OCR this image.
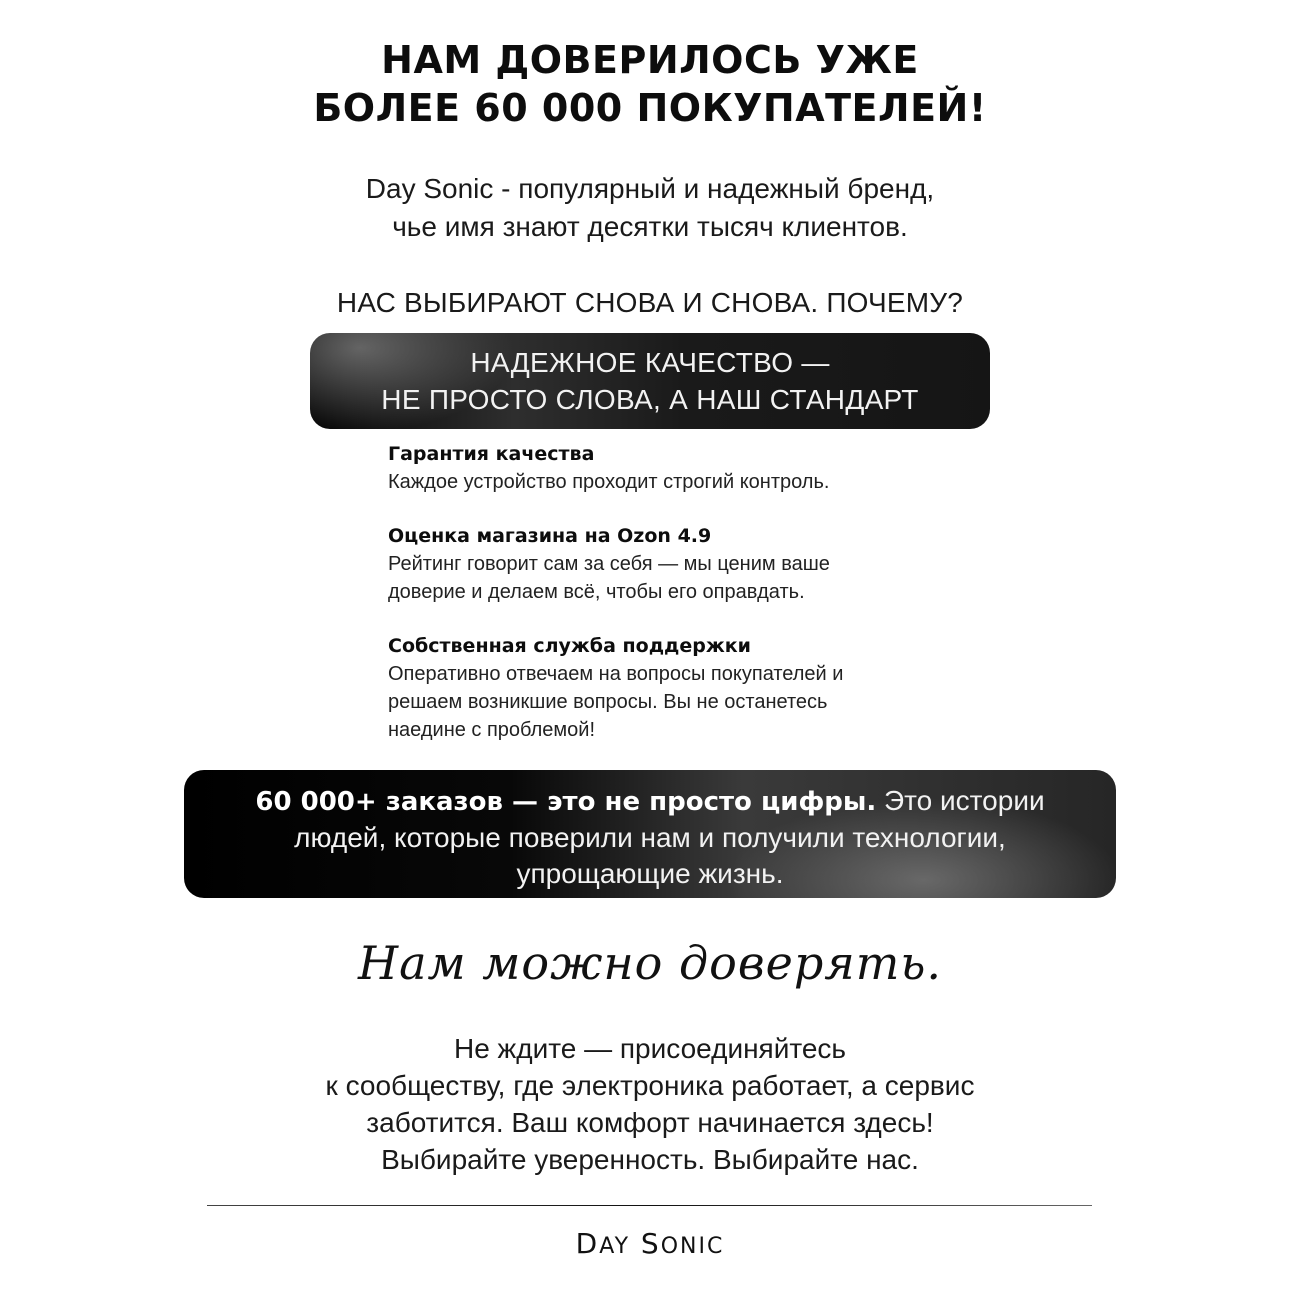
НАМ ДОВЕРИЛОСЬ УЖЕ
БОЛЕЕ 60 000 ПОКУПАТЕЛЕЙ!
Day Sonic - популярный и надежный бренд,
чье имя знают десятки тысяч клиентов.
НАС ВЫБИРАЮТ СНОВА И СНОВА. ПОЧЕМУ?
НАДЕЖНОЕ КАЧЕСТВО —
НЕ ПРОСТО СЛОВА, А НАШ СТАНДАРТ
Гарантия качества
Каждое устройство проходит строгий контроль.
Оценка магазина на Ozon 4.9
Рейтинг говорит сам за себя — мы ценим ваше
доверие и делаем всё, чтобы его оправдать.
Собственная служба поддержки
Оперативно отвечаем на вопросы покупателей и
решаем возникшие вопросы. Вы не останетесь
наедине с проблемой!
60 000+ заказов — это не просто цифры. Это истории
людей, которые поверили нам и получили технологии,
упрощающие жизнь.
Нам можно доверять.
Не ждите — присоединяйтесь
к сообществу, где электроника работает, а сервис
заботится. Ваш комфорт начинается здесь!
Выбирайте уверенность. Выбирайте нас.
DAY SONIC
